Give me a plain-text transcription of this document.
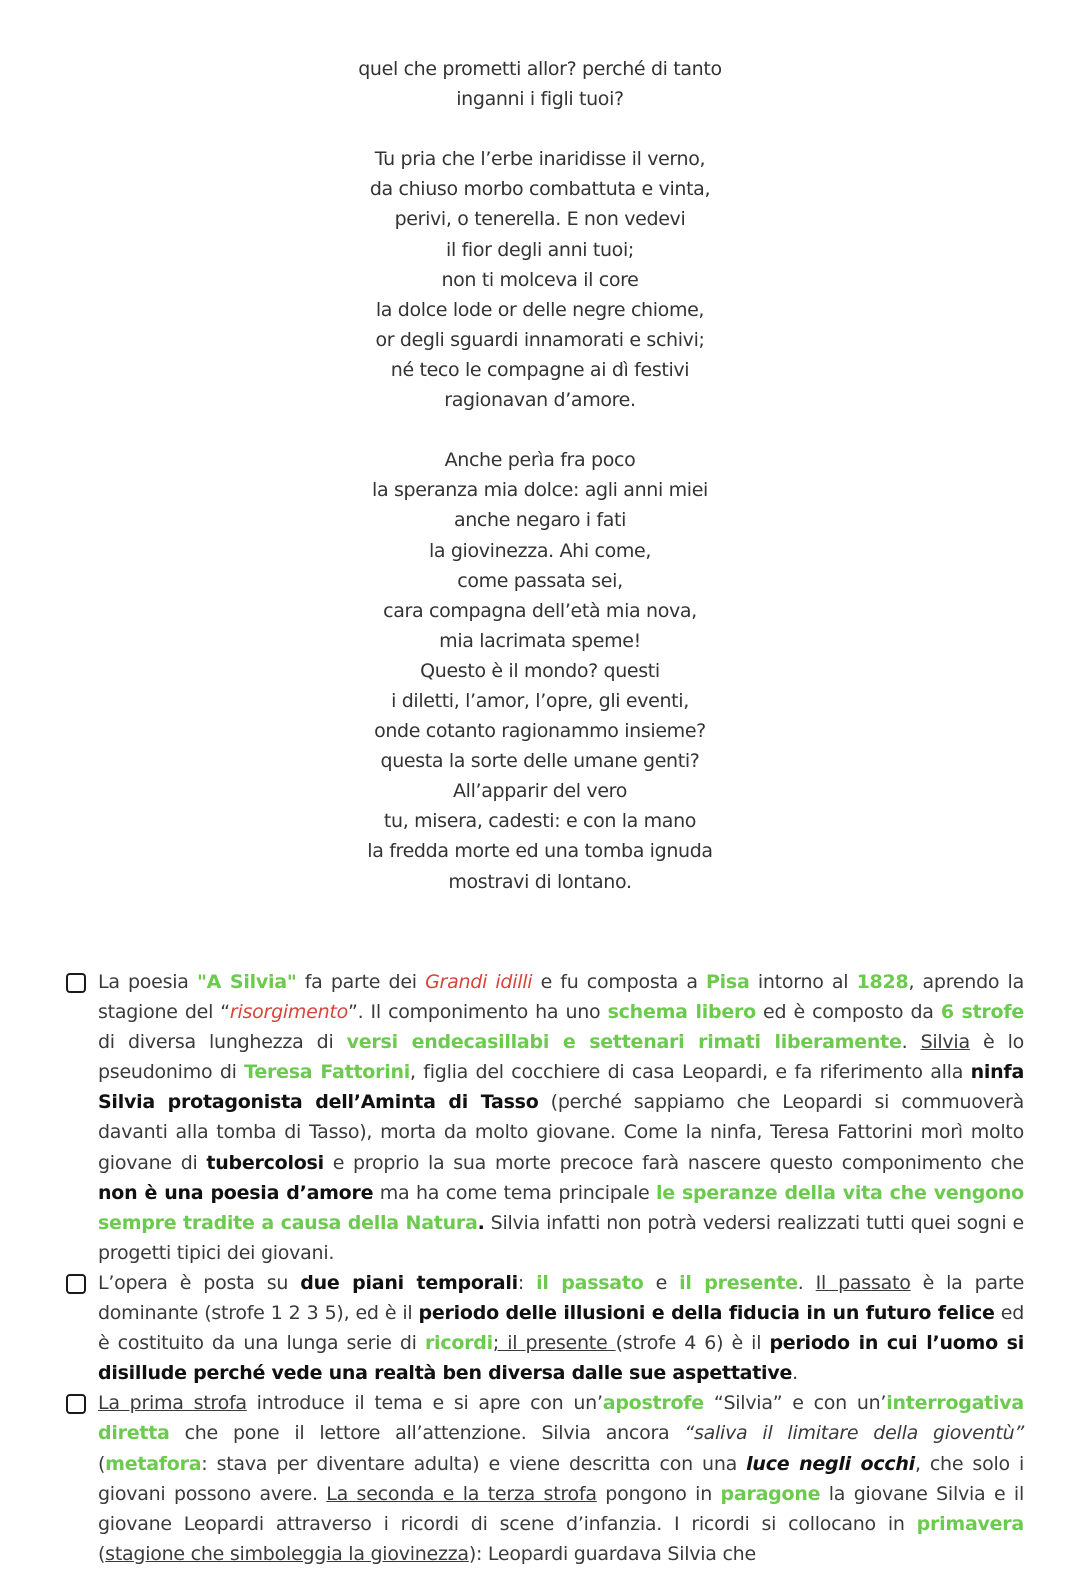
quel che prometti allor? perché di tanto
inganni i figli tuoi?
Tu pria che l’erbe inaridisse il verno,
da chiuso morbo combattuta e vinta,
perivi, o tenerella. E non vedevi
il fior degli anni tuoi;
non ti molceva il core
la dolce lode or delle negre chiome,
or degli sguardi innamorati e schivi;
né teco le compagne ai dì festivi
ragionavan d’amore.
Anche perìa fra poco
la speranza mia dolce: agli anni miei
anche negaro i fati
la giovinezza. Ahi come,
come passata sei,
cara compagna dell’età mia nova,
mia lacrimata speme!
Questo è il mondo? questi
i diletti, l’amor, l’opre, gli eventi,
onde cotanto ragionammo insieme?
questa la sorte delle umane genti?
All’apparir del vero
tu, misera, cadesti: e con la mano
la fredda morte ed una tomba ignuda
mostravi di lontano.
La poesia "A Silvia" fa parte dei Grandi idilli e fu composta a Pisa intorno al 1828, aprendo la stagione del “risorgimento”. Il componimento ha uno schema libero ed è composto da 6 strofe di diversa lunghezza di versi endecasillabi e settenari rimati liberamente. Silvia è lo pseudonimo di Teresa Fattorini, figlia del cocchiere di casa Leopardi, e fa riferimento alla ninfa Silvia protagonista dell’Aminta di Tasso (perché sappiamo che Leopardi si commuoverà davanti alla tomba di Tasso), morta da molto giovane. Come la ninfa, Teresa Fattorini morì molto giovane di tubercolosi e proprio la sua morte precoce farà nascere questo componimento che non è una poesia d’amore ma ha come tema principale le speranze della vita che vengono sempre tradite a causa della Natura. Silvia infatti non potrà vedersi realizzati tutti quei sogni e progetti tipici dei giovani.
L’opera è posta su due piani temporali: il passato e il presente. Il passato è la parte dominante (strofe 1 2 3 5), ed è il periodo delle illusioni e della fiducia in un futuro felice ed è costituito da una lunga serie di ricordi; il presente (strofe 4 6) è il periodo in cui l’uomo si disillude perché vede una realtà ben diversa dalle sue aspettative.
La prima strofa introduce il tema e si apre con un’apostrofe “Silvia” e con un’interrogativa diretta che pone il lettore all’attenzione. Silvia ancora “saliva il limitare della gioventù” (metafora: stava per diventare adulta) e viene descritta con una luce negli occhi, che solo i giovani possono avere. La seconda e la terza strofa pongono in paragone la giovane Silvia e il giovane Leopardi attraverso i ricordi di scene d’infanzia. I ricordi si collocano in primavera (stagione che simboleggia la giovinezza): Leopardi guardava Silvia che
